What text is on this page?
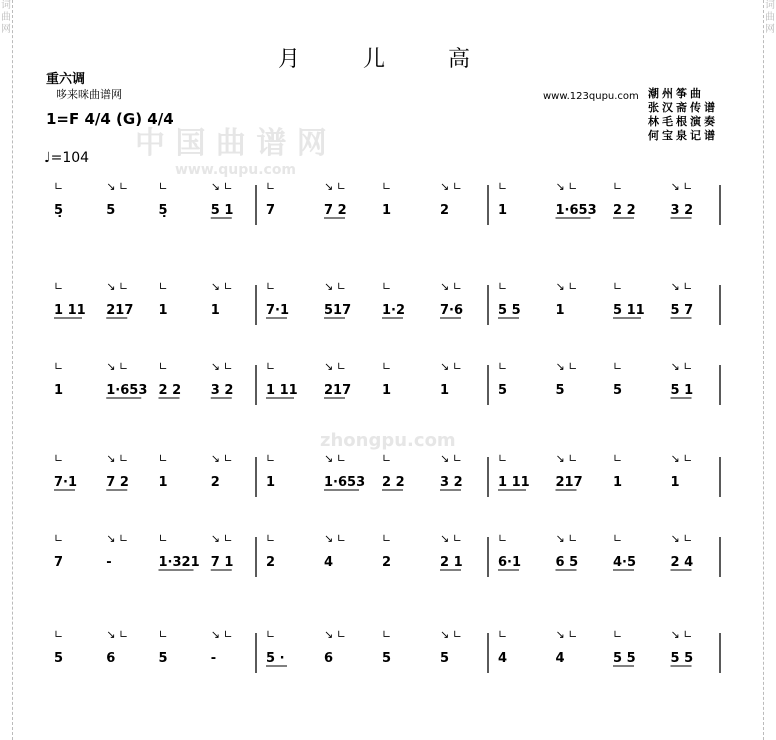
词
曲
网
词
曲
网
中 国 曲 谱 网
www.qupu.com
zhongpu.com
月 儿 高
重六调
哆来咪曲谱网
1=F 4/4 (G) 4/4
♩=104
www.123qupu.com 潮州筝曲
张汉斋传谱
林毛根演奏
何宝泉记谱
∟
5̣
↘ ∟
5
∟
5̣
↘ ∟
5 1
∟
7
↘ ∟
7 2
∟
1
↘ ∟
2
∟
1
↘ ∟
1·653
∟
2 2
↘ ∟
3 2
∟
1 11
↘ ∟
217
∟
1
↘ ∟
1
∟
7·1
↘ ∟
517
∟
1·2
↘ ∟
7·6
∟
5 5
↘ ∟
1
∟
5 11
↘ ∟
5 7
∟
1
↘ ∟
1·653
∟
2 2
↘ ∟
3 2
∟
1 11
↘ ∟
217
∟
1
↘ ∟
1
∟
5
↘ ∟
5
∟
5
↘ ∟
5 1
∟
7·1
↘ ∟
7 2
∟
1
↘ ∟
2
∟
1
↘ ∟
1·653
∟
2 2
↘ ∟
3 2
∟
1 11
↘ ∟
217
∟
1
↘ ∟
1
∟
7
↘ ∟
-
∟
1·321
↘ ∟
7 1
∟
2
↘ ∟
4
∟
2
↘ ∟
2 1
∟
6·1
↘ ∟
6 5
∟
4·5
↘ ∟
2 4
∟
5
↘ ∟
6
∟
5
↘ ∟
-
∟
5 ·
↘ ∟
6
∟
5
↘ ∟
5
∟
4
↘ ∟
4
∟
5 5
↘ ∟
5 5
